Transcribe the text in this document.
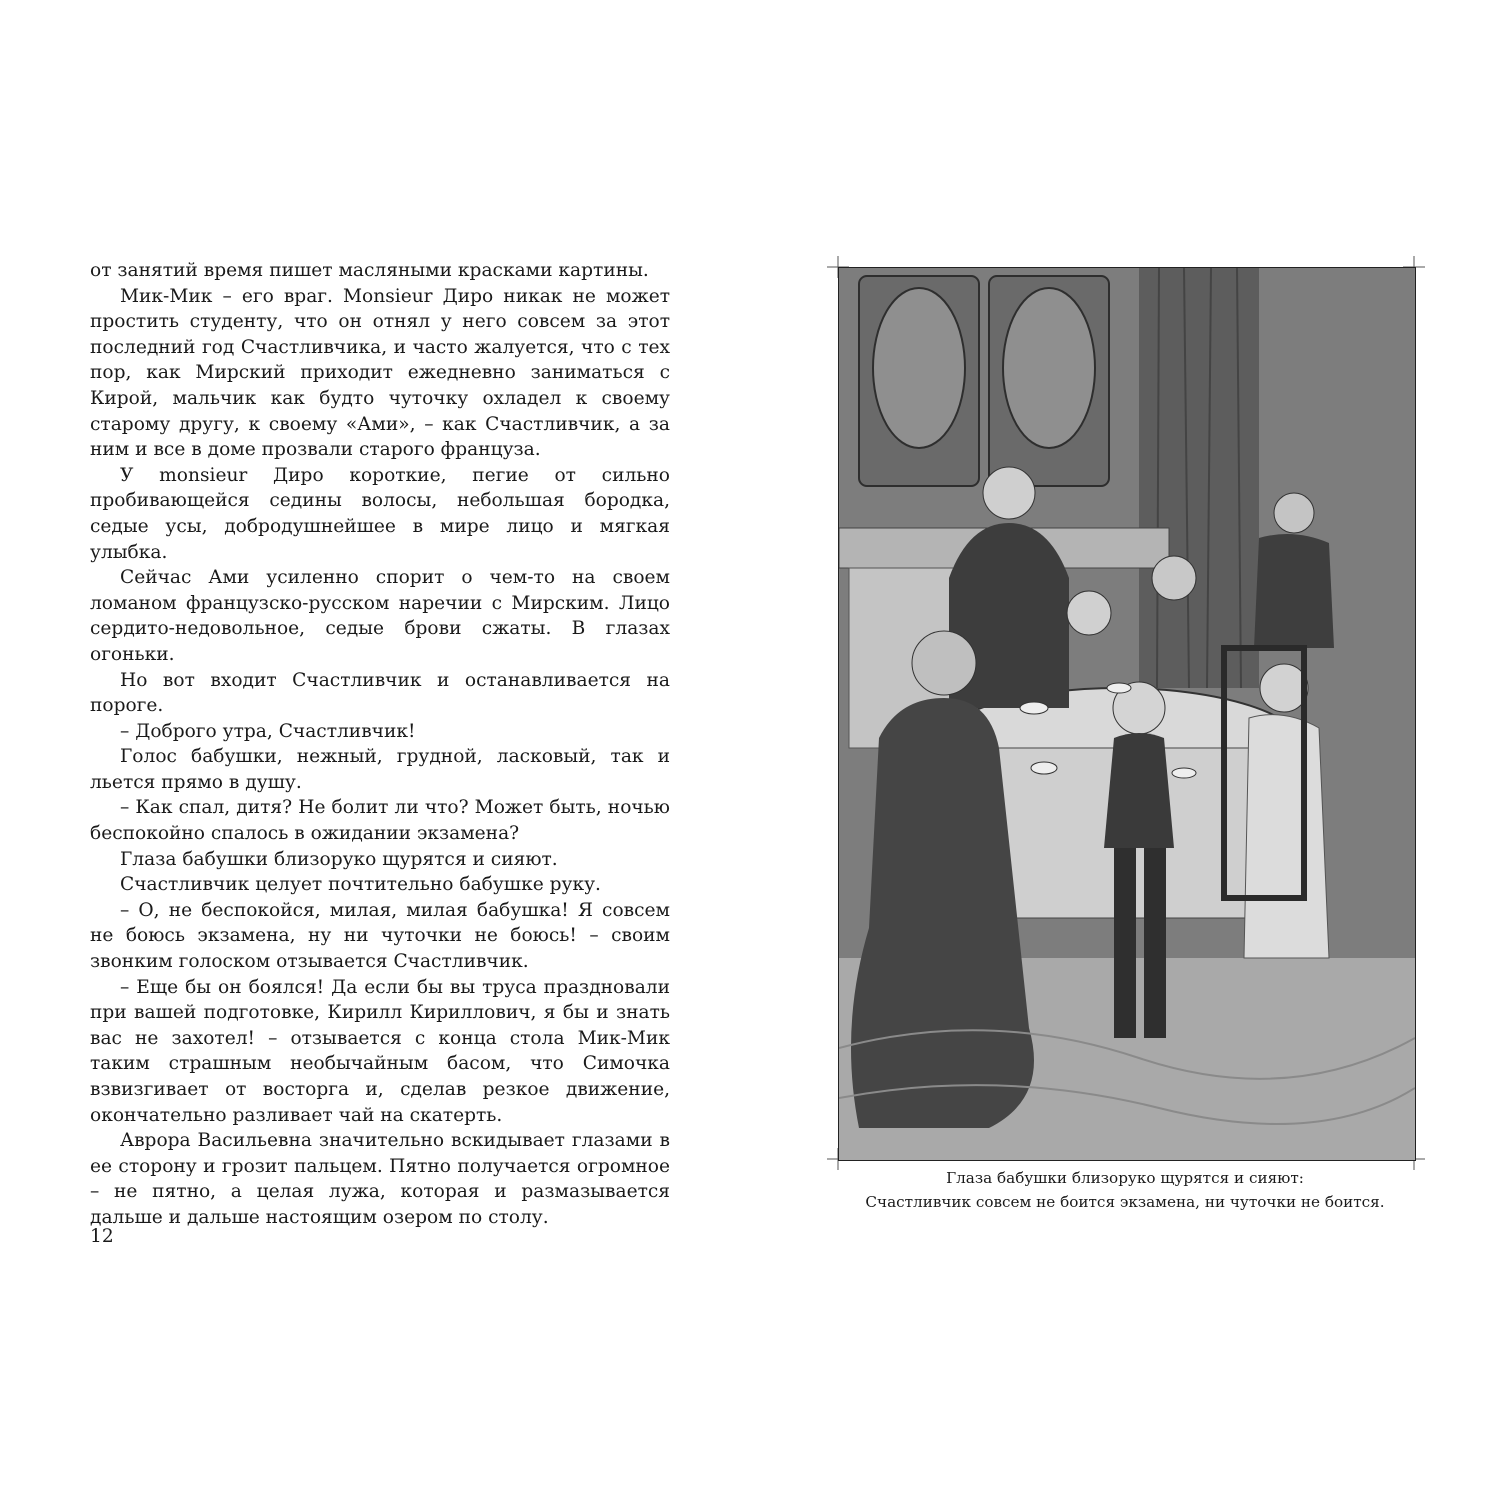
от занятий время пишет масляными красками картины.

Мик-Мик – его враг. Monsieur Диро никак не может простить студенту, что он отнял у него совсем за этот последний год Счастливчика, и часто жалуется, что с тех пор, как Мирский приходит ежедневно заниматься с Кирой, мальчик как будто чуточку охладел к своему старому другу, к своему «Ами», – как Счастливчик, а за ним и все в доме прозвали старого француза.

У monsieur Диро короткие, пегие от сильно пробивающейся седины волосы, небольшая бородка, седые усы, добродушнейшее в мире лицо и мягкая улыбка.

Сейчас Ами усиленно спорит о чем-то на своем ломаном французско-русском наречии с Мирским. Лицо сердито-недовольное, седые брови сжаты. В глазах огоньки.

Но вот входит Счастливчик и останавливается на пороге.

– Доброго утра, Счастливчик!

Голос бабушки, нежный, грудной, ласковый, так и льется прямо в душу.

– Как спал, дитя? Не болит ли что? Может быть, ночью беспокойно спалось в ожидании экзамена?

Глаза бабушки близоруко щурятся и сияют.

Счастливчик целует почтительно бабушке руку.

– О, не беспокойся, милая, милая бабушка! Я совсем не боюсь экзамена, ну ни чуточки не боюсь! – своим звонким голоском отзывается Счастливчик.

– Еще бы он боялся! Да если бы вы труса праздновали при вашей подготовке, Кирилл Кириллович, я бы и знать вас не захотел! – отзывается с конца стола Мик-Мик таким страшным необычайным басом, что Симочка взвизгивает от восторга и, сделав резкое движение, окончательно разливает чай на скатерть.

Аврора Васильевна значительно вскидывает глазами в ее сторону и грозит пальцем. Пятно получается огромное – не пятно, а целая лужа, которая и размазывается дальше и дальше настоящим озером по столу.

12
Глаза бабушки близоруко щурятся и сияют:
Счастливчик совсем не боится экзамена, ни чуточки не боится.
